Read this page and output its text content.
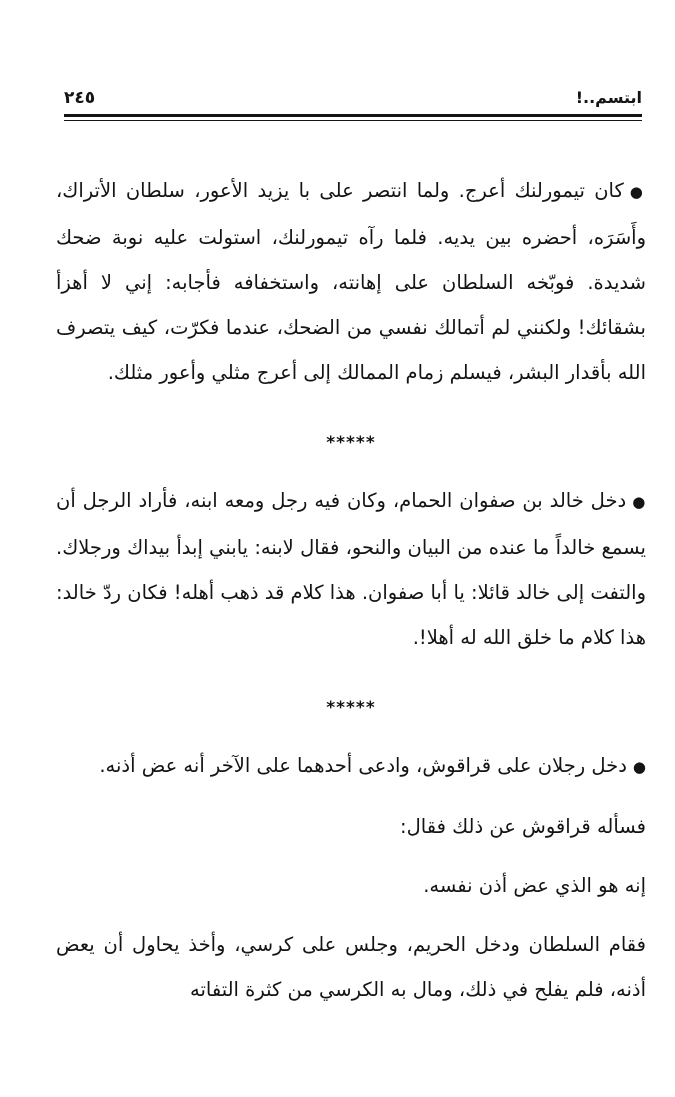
ابتسم..!
٢٤٥

●كان تيمورلنك أعرج. ولما انتصر على با يزيد الأعور، سلطان الأتراك، وأَسَرَه، أحضره بين يديه. فلما رآه تيمورلنك، استولت عليه نوبة ضحك شديدة. فوبّخه السلطان على إهانته، واستخفافه فأجابه: إني لا أهزأ بشقائك! ولكنني لم أتمالك نفسي من الضحك، عندما فكرّت، كيف يتصرف الله بأقدار البشر، فيسلم زمام الممالك إلى أعرج مثلي وأعور مثلك.

*****

●دخل خالد بن صفوان الحمام، وكان فيه رجل ومعه ابنه، فأراد الرجل أن يسمع خالداً ما عنده من البيان والنحو، فقال لابنه: يابني إبدأ بيداك ورجلاك. والتفت إلى خالد قائلا: يا أبا صفوان. هذا كلام قد ذهب أهله! فكان ردّ خالد: هذا كلام ما خلق الله له أهلا!.

*****

●دخل رجلان على قراقوش، وادعى أحدهما على الآخر أنه عض أذنه.

فسأله قراقوش عن ذلك فقال:

إنه هو الذي عض أذن نفسه.

فقام السلطان ودخل الحريم، وجلس على كرسي، وأخذ يحاول أن يعض أذنه، فلم يفلح في ذلك، ومال به الكرسي من كثرة التفاته
